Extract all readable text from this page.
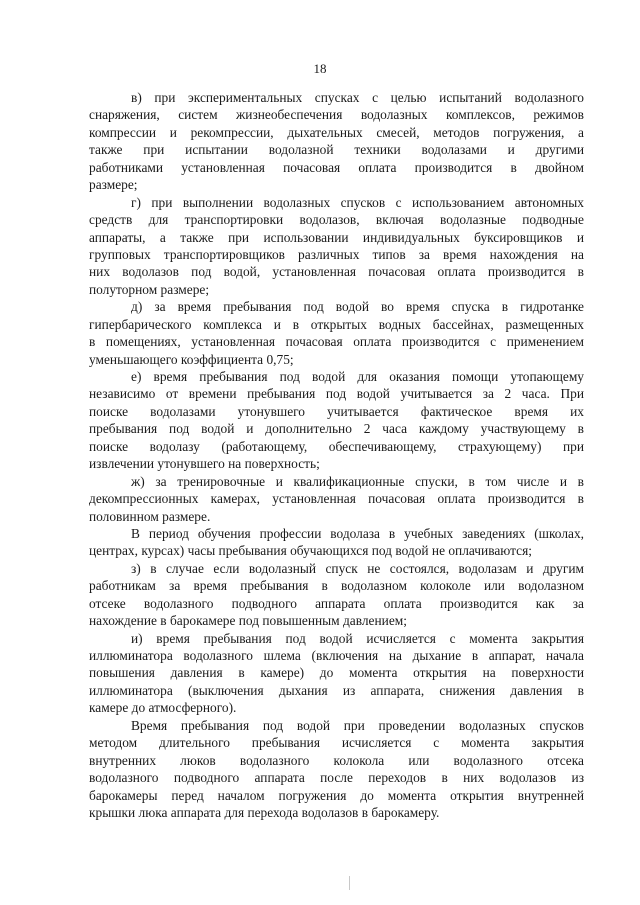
18
в) при экспериментальных спусках с целью испытаний водолазного
снаряжения, систем жизнеобеспечения водолазных комплексов, режимов
компрессии и рекомпрессии, дыхательных смесей, методов погружения, а
также при испытании водолазной техники водолазами и другими
работниками установленная почасовая оплата производится в двойном
размере;
г) при выполнении водолазных спусков с использованием автономных
средств для транспортировки водолазов, включая водолазные подводные
аппараты, а также при использовании индивидуальных буксировщиков и
групповых транспортировщиков различных типов за время нахождения на
них водолазов под водой, установленная почасовая оплата производится в
полуторном размере;
д) за время пребывания под водой во время спуска в гидротанке
гипербарического комплекса и в открытых водных бассейнах, размещенных
в помещениях, установленная почасовая оплата производится с применением
уменьшающего коэффициента 0,75;
е) время пребывания под водой для оказания помощи утопающему
независимо от времени пребывания под водой учитывается за 2 часа. При
поиске водолазами утонувшего учитывается фактическое время их
пребывания под водой и дополнительно 2 часа каждому участвующему в
поиске водолазу (работающему, обеспечивающему, страхующему) при
извлечении утонувшего на поверхность;
ж) за тренировочные и квалификационные спуски, в том числе и в
декомпрессионных камерах, установленная почасовая оплата производится в
половинном размере.
В период обучения профессии водолаза в учебных заведениях (школах,
центрах, курсах) часы пребывания обучающихся под водой не оплачиваются;
з) в случае если водолазный спуск не состоялся, водолазам и другим
работникам за время пребывания в водолазном колоколе или водолазном
отсеке водолазного подводного аппарата оплата производится как за
нахождение в барокамере под повышенным давлением;
и) время пребывания под водой исчисляется с момента закрытия
иллюминатора водолазного шлема (включения на дыхание в аппарат, начала
повышения давления в камере) до момента открытия на поверхности
иллюминатора (выключения дыхания из аппарата, снижения давления в
камере до атмосферного).
Время пребывания под водой при проведении водолазных спусков
методом длительного пребывания исчисляется с момента закрытия
внутренних люков водолазного колокола или водолазного отсека
водолазного подводного аппарата после переходов в них водолазов из
барокамеры перед началом погружения до момента открытия внутренней
крышки люка аппарата для перехода водолазов в барокамеру.
